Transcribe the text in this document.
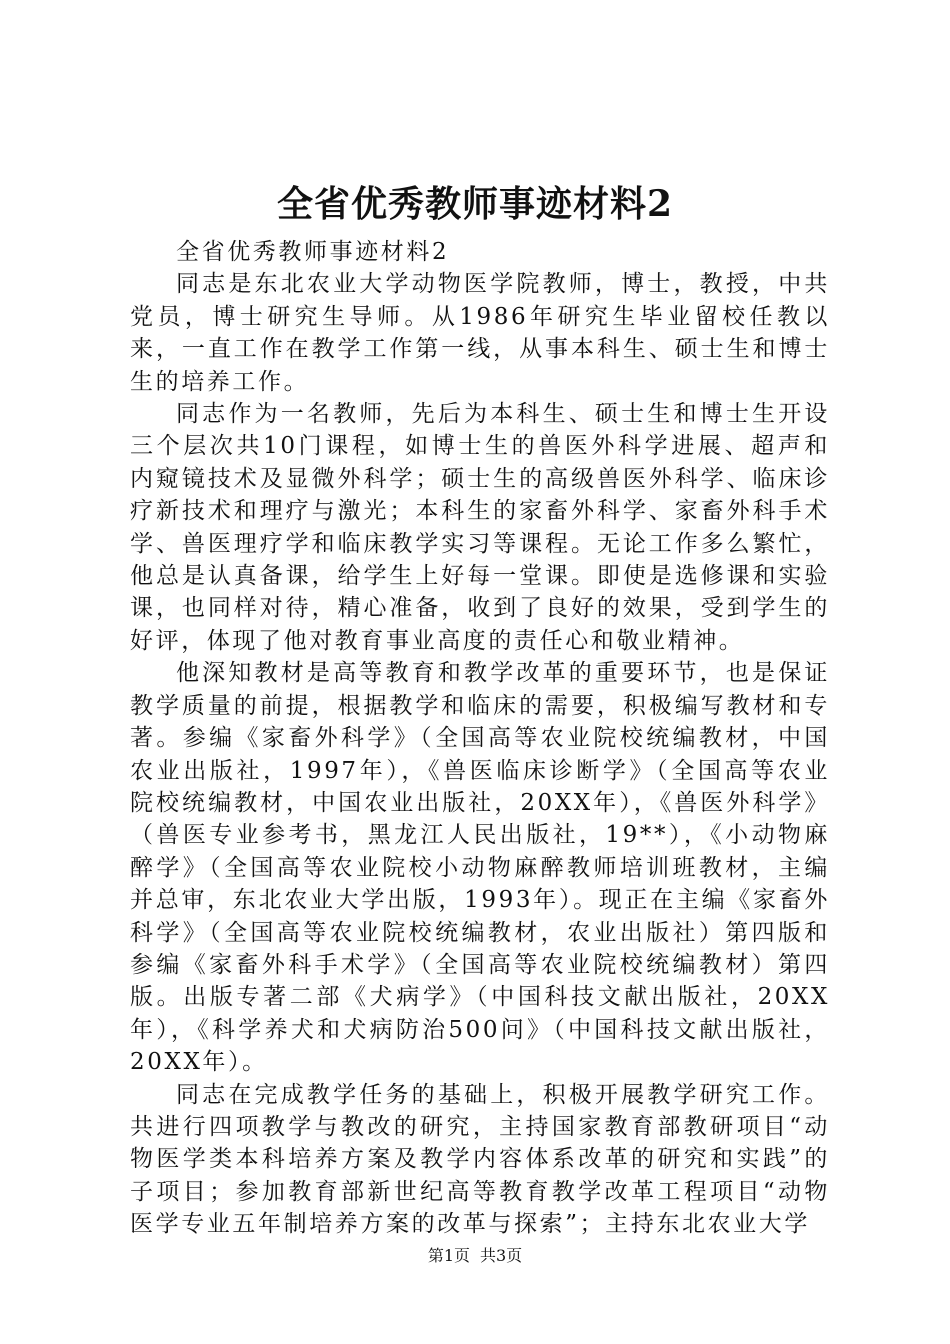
全省优秀教师事迹材料2

全省优秀教师事迹材料2

同志是东北农业大学动物医学院教师，博士，教授，中共党员，博士研究生导师。从1986年研究生毕业留校任教以来，一直工作在教学工作第一线，从事本科生、硕士生和博士生的培养工作。

同志作为一名教师，先后为本科生、硕士生和博士生开设三个层次共10门课程，如博士生的兽医外科学进展、超声和内窥镜技术及显微外科学；硕士生的高级兽医外科学、临床诊疗新技术和理疗与激光；本科生的家畜外科学、家畜外科手术学、兽医理疗学和临床教学实习等课程。无论工作多么繁忙，他总是认真备课，给学生上好每一堂课。即使是选修课和实验课，也同样对待，精心准备，收到了良好的效果，受到学生的好评，体现了他对教育事业高度的责任心和敬业精神。

他深知教材是高等教育和教学改革的重要环节，也是保证教学质量的前提，根据教学和临床的需要，积极编写教材和专著。参编《家畜外科学》（全国高等农业院校统编教材，中国农业出版社，1997年），《兽医临床诊断学》（全国高等农业院校统编教材，中国农业出版社，20XX年），《兽医外科学》（兽医专业参考书，黑龙江人民出版社，19**），《小动物麻醉学》（全国高等农业院校小动物麻醉教师培训班教材，主编并总审，东北农业大学出版，1993年）。现正在主编《家畜外科学》（全国高等农业院校统编教材，农业出版社）第四版和参编《家畜外科手术学》（全国高等农业院校统编教材）第四版。出版专著二部《犬病学》（中国科技文献出版社，20XX年），《科学养犬和犬病防治500问》（中国科技文献出版社，20XX年）。

同志在完成教学任务的基础上，积极开展教学研究工作。共进行四项教学与教改的研究，主持国家教育部教研项目“动物医学类本科培养方案及教学内容体系改革的研究和实践”的子项目；参加教育部新世纪高等教育教学改革工程项目“动物医学专业五年制培养方案的改革与探索”；主持东北农业大学

第1页 共3页
